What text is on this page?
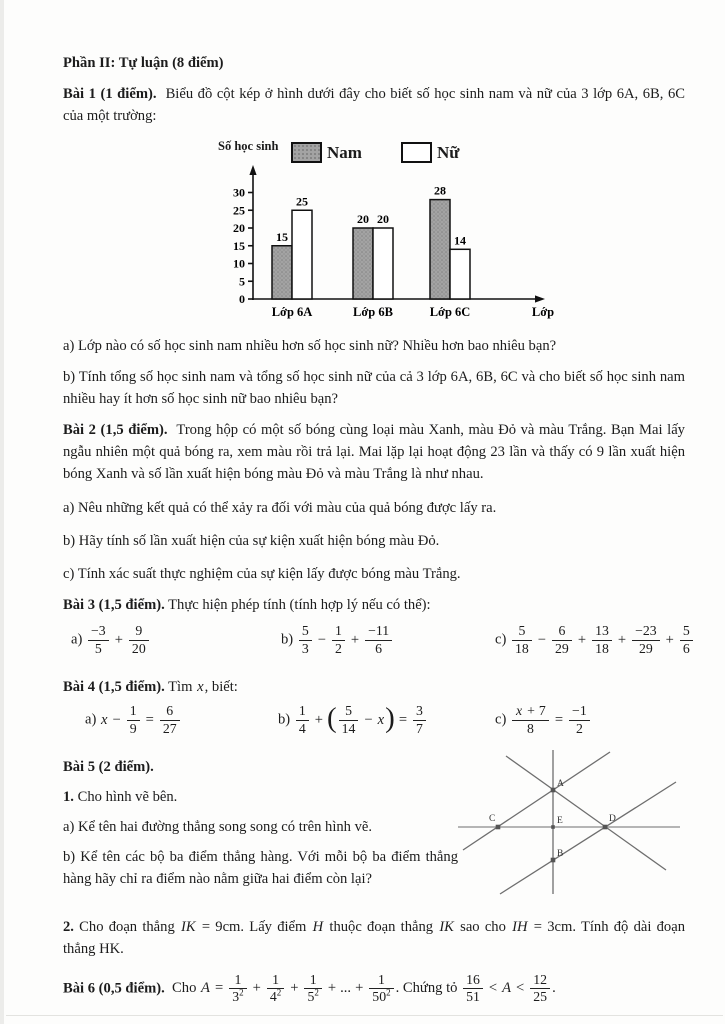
Phần II: Tự luận (8 điểm)

Bài 1 (1 điểm). Biểu đồ cột kép ở hình dưới đây cho biết số học sinh nam và nữ của 3 lớp 6A, 6B, 6C của một trường:

Số học sinh	Nam	Nữ
0
5
10
15
20
25
30
15
25
Lớp 6A
20 20
Lớp 6B
28
14
Lớp 6C	Lớp

a) Lớp nào có số học sinh nam nhiều hơn số học sinh nữ? Nhiều hơn bao nhiêu bạn?

b) Tính tổng số học sinh nam và tổng số học sinh nữ của cả 3 lớp 6A, 6B, 6C và cho biết số học sinh nam nhiều hay ít hơn số học sinh nữ bao nhiêu bạn?

Bài 2 (1,5 điểm). Trong hộp có một số bóng cùng loại màu Xanh, màu Đỏ và màu Trắng. Bạn Mai lấy ngẫu nhiên một quả bóng ra, xem màu rồi trả lại. Mai lặp lại hoạt động 23 lần và thấy có 9 lần xuất hiện bóng Xanh và số lần xuất hiện bóng màu Đỏ và màu Trắng là như nhau.

a) Nêu những kết quả có thể xảy ra đối với màu của quả bóng được lấy ra.

b) Hãy tính số lần xuất hiện của sự kiện xuất hiện bóng màu Đỏ.

c) Tính xác suất thực nghiệm của sự kiện lấy được bóng màu Trắng.

Bài 3 (1,5 điểm). Thực hiện phép tính (tính hợp lý nếu có thể):

$a) \frac{-3}{5} + \frac{9}{20}$	$b) \frac{5}{3} - \frac{1}{2} + \frac{-11}{6}$	$c) \frac{5}{18} - \frac{6}{29} + \frac{13}{18} + \frac{-23}{29} + \frac{5}{6}$

Bài 4 (1,5 điểm). Tìm x, biết:

a) $x - \frac{1}{9} = \frac{6}{27}$	$b) \frac{1}{4}$ + ( $\frac{5}{14} - x) = \frac{3}{7}$	$c) \frac{x + 7}{8} = \frac{-1}{2}$

Bài 5 (2 điểm).

1. Cho hình vẽ bên.

a) Kể tên hai đường thẳng song song có trên hình vẽ.

b) Kể tên các bộ ba điểm thẳng hàng. Với mỗi bộ ba điểm thẳng hàng hãy chỉ ra điểm nào nằm giữa hai điểm còn lại?

A
B
C	D
E

2. Cho đoạn thẳng IK = 9cm. Lấy điểm H thuộc đoạn thẳng IK sao cho IH = 3cm. Tính độ dài đoạn thẳng HK.

Bài 6 (0,5 điểm). Cho $A = \frac{1}{3^2} + \frac{1}{4^2} + \frac{1}{5^2}$ + ... + $\frac{1}{50^2}$ . Chứng tỏ $\frac{16}{51} < A < \frac{12}{25}$ .
